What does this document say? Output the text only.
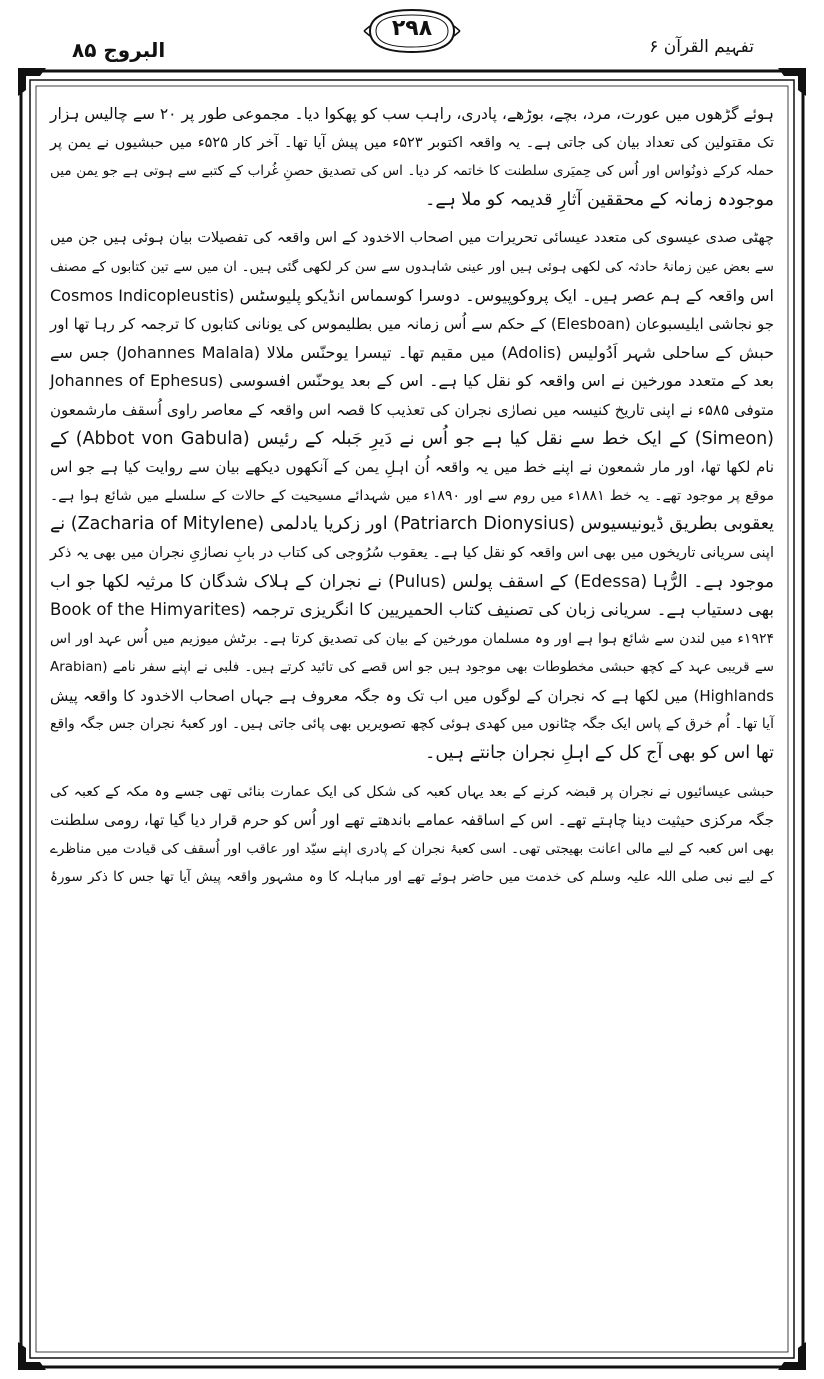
البروج ۸۵
۲۹۸
تفہیم القرآن ۶
ہوئے گڑھوں میں عورت، مرد، بچے، بوڑھے، پادری، راہب سب کو پھکوا دیا۔ مجموعی طور پر ۲۰ سے چالیس ہزار
تک مقتولین کی تعداد بیان کی جاتی ہے۔ یہ واقعہ اکتوبر ۵۲۳ء میں پیش آیا تھا۔ آخر کار ۵۲۵ء میں حبشیوں نے یمن پر
حملہ کرکے ذونُواس اور اُس کی حِمیَری سلطنت کا خاتمہ کر دیا۔ اس کی تصدیق حصنِ غُراب کے کتبے سے ہوتی ہے جو یمن میں
موجودہ زمانہ کے محققین آثارِ قدیمہ کو ملا ہے۔
چھٹی صدی عیسوی کی متعدد عیسائی تحریرات میں اصحاب الاخدود کے اس واقعہ کی تفصیلات بیان ہوئی ہیں جن میں
سے بعض عین زمانۂ حادثہ کی لکھی ہوئی ہیں اور عینی شاہدوں سے سن کر لکھی گئی ہیں۔ ان میں سے تین کتابوں کے مصنف
اس واقعہ کے ہم عصر ہیں۔ ایک پروکوپیوس۔ دوسرا کوسماس انڈیکو پلیوسٹس (Cosmos Indicopleustis
جو نجاشی ایلیسبوعان (Elesboan) کے حکم سے اُس زمانہ میں بطلیموس کی یونانی کتابوں کا ترجمہ کر رہا تھا اور
حبش کے ساحلی شہر اَدُولیس (Adolis) میں مقیم تھا۔ تیسرا یوحنّس ملالا (Johannes Malala) جس سے
بعد کے متعدد مورخین نے اس واقعہ کو نقل کیا ہے۔ اس کے بعد یوحنّس افسوسی (Johannes of Ephesus
متوفی ۵۸۵ء نے اپنی تاریخ کنیسہ میں نصارٰی نجران کی تعذیب کا قصہ اس واقعہ کے معاصر راوی اُسقف مارشمعون
(Simeon) کے ایک خط سے نقل کیا ہے جو اُس نے دَیرِ جَبلہ کے رئیس (Abbot von Gabula) کے
نام لکھا تھا، اور مار شمعون نے اپنے خط میں یہ واقعہ اُن اہلِ یمن کے آنکھوں دیکھے بیان سے روایت کیا ہے جو اس
موقع پر موجود تھے۔ یہ خط ۱۸۸۱ء میں روم سے اور ۱۸۹۰ء میں شہدائے مسیحیت کے حالات کے سلسلے میں شائع ہوا ہے۔
یعقوبی بطریق ڈیونیسیوس (Patriarch Dionysius) اور زکریا یادلمی (Zacharia of Mitylene) نے
اپنی سریانی تاریخوں میں بھی اس واقعہ کو نقل کیا ہے۔ یعقوب سُرُوجی کی کتاب در بابِ نصارٰیِ نجران میں بھی یہ ذکر
موجود ہے۔ الرُّہا (Edessa) کے اسقف پولس (Pulus) نے نجران کے ہلاک شدگان کا مرثیہ لکھا جو اب
بھی دستیاب ہے۔ سریانی زبان کی تصنیف کتاب الحمیریین کا انگریزی ترجمہ (Book of the Himyarites
۱۹۲۴ء میں لندن سے شائع ہوا ہے اور وہ مسلمان مورخین کے بیان کی تصدیق کرتا ہے۔ برٹش میوزیم میں اُس عہد اور اس
سے قریبی عہد کے کچھ حبشی مخطوطات بھی موجود ہیں جو اس قصے کی تائید کرتے ہیں۔ فلبی نے اپنے سفر نامے (Arabian
Highlands) میں لکھا ہے کہ نجران کے لوگوں میں اب تک وہ جگہ معروف ہے جہاں اصحاب الاخدود کا واقعہ پیش
آیا تھا۔ اُم خرق کے پاس ایک جگہ چٹانوں میں کھدی ہوئی کچھ تصویریں بھی پائی جاتی ہیں۔ اور کعبۂ نجران جس جگہ واقع
تھا اس کو بھی آج کل کے اہلِ نجران جانتے ہیں۔
حبشی عیسائیوں نے نجران پر قبضہ کرنے کے بعد یہاں کعبہ کی شکل کی ایک عمارت بنائی تھی جسے وہ مکہ کے کعبہ کی
جگہ مرکزی حیثیت دینا چاہتے تھے۔ اس کے اساقفہ عمامے باندھتے تھے اور اُس کو حرم قرار دیا گیا تھا، رومی سلطنت
بھی اس کعبہ کے لیے مالی اعانت بھیجتی تھی۔ اسی کعبۂ نجران کے پادری اپنے سیّد اور عاقب اور اُسقف کی قیادت میں مناظرے
کے لیے نبی صلی اللہ علیہ وسلم کی خدمت میں حاضر ہوئے تھے اور مباہلہ کا وہ مشہور واقعہ پیش آیا تھا جس کا ذکر سورۂ
